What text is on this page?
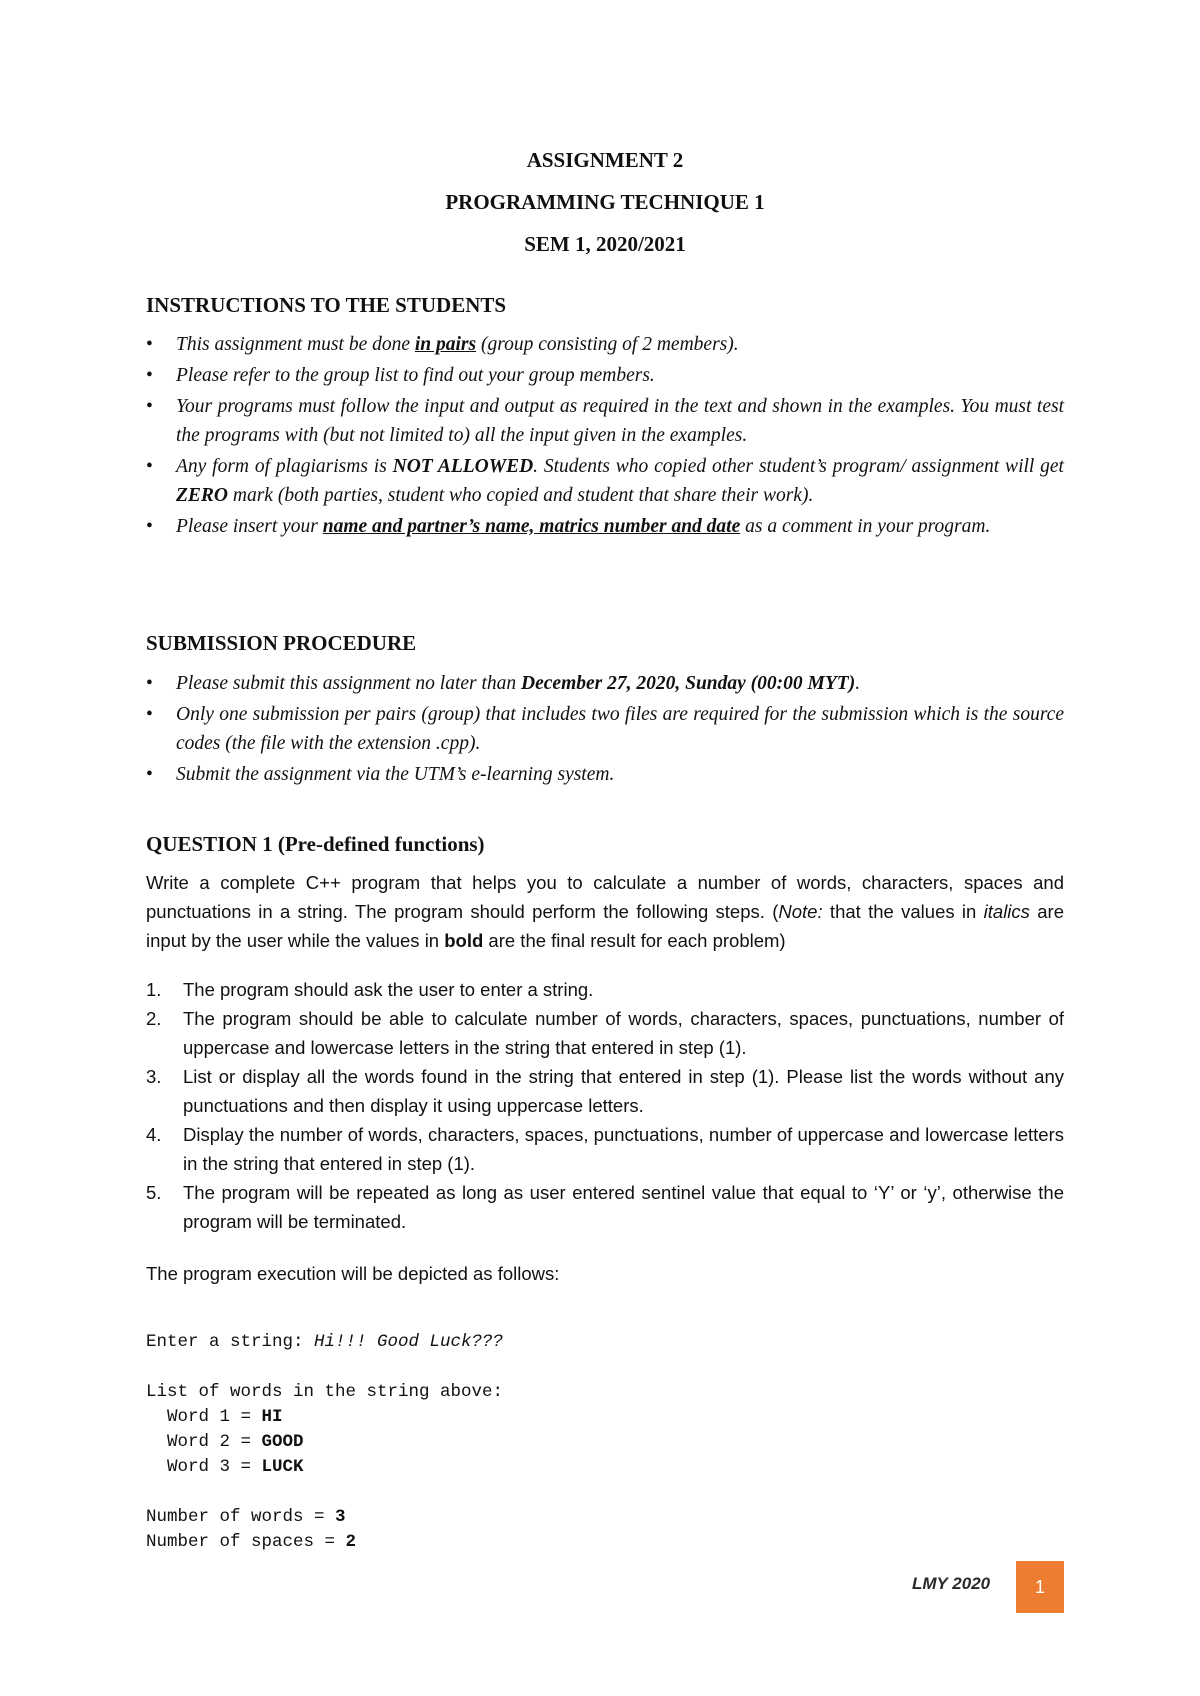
ASSIGNMENT 2
PROGRAMMING TECHNIQUE 1
SEM 1, 2020/2021
INSTRUCTIONS TO THE STUDENTS
• This assignment must be done in pairs (group consisting of 2 members).
• Please refer to the group list to find out your group members.
• Your programs must follow the input and output as required in the text and shown in the examples. You must test the programs with (but not limited to) all the input given in the examples.
• Any form of plagiarisms is NOT ALLOWED. Students who copied other student’s program/ assignment will get ZERO mark (both parties, student who copied and student that share their work).
• Please insert your name and partner’s name, matrics number and date as a comment in your program.
SUBMISSION PROCEDURE
• Please submit this assignment no later than December 27, 2020, Sunday (00:00 MYT).
• Only one submission per pairs (group) that includes two files are required for the submission which is the source codes (the file with the extension .cpp).
• Submit the assignment via the UTM’s e-learning system.
QUESTION 1 (Pre-defined functions)
Write a complete C++ program that helps you to calculate a number of words, characters, spaces and punctuations in a string. The program should perform the following steps. (Note: that the values in italics are input by the user while the values in bold are the final result for each problem)
1. The program should ask the user to enter a string.
2. The program should be able to calculate number of words, characters, spaces, punctuations, number of uppercase and lowercase letters in the string that entered in step (1).
3. List or display all the words found in the string that entered in step (1). Please list the words without any punctuations and then display it using uppercase letters.
4. Display the number of words, characters, spaces, punctuations, number of uppercase and lowercase letters in the string that entered in step (1).
5. The program will be repeated as long as user entered sentinel value that equal to ‘Y’ or ‘y’, otherwise the program will be terminated.
The program execution will be depicted as follows:
Enter a string: Hi!!! Good Luck???

List of words in the string above:
Word 1 = HI
Word 2 = GOOD
Word 3 = LUCK

Number of words = 3
Number of spaces = 2
LMY 2020	1
